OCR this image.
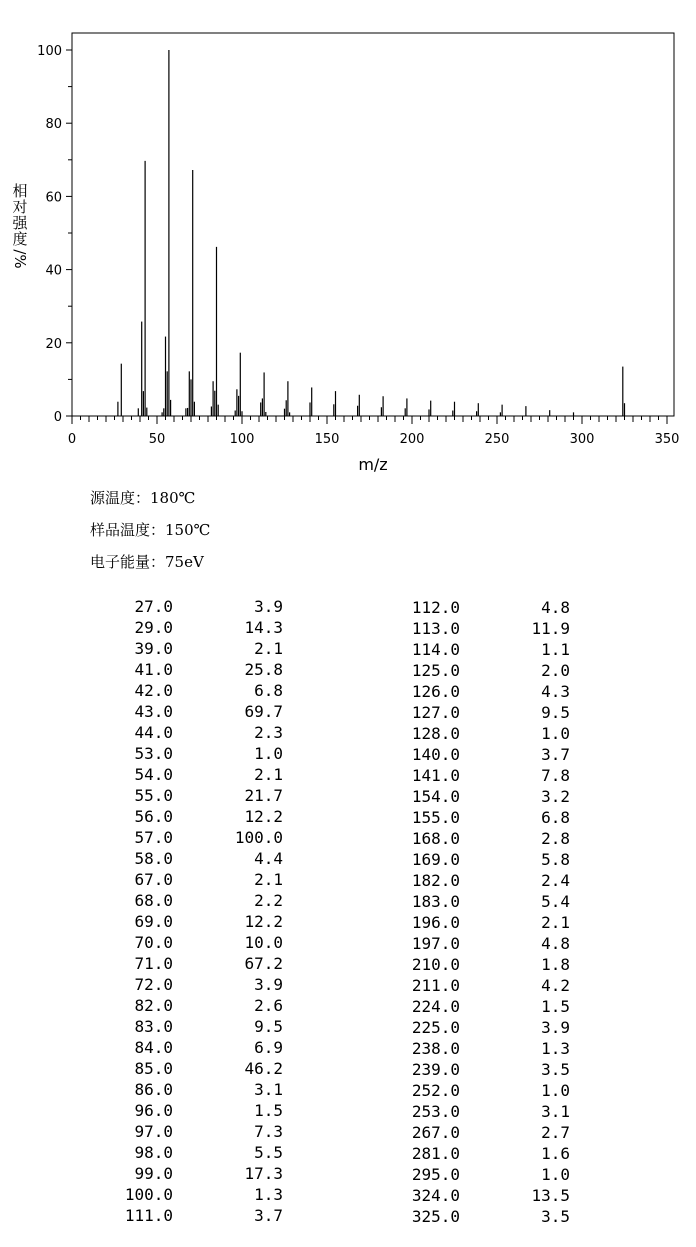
0
20
40
60
80
100
0	50	100	150	200	250	300	350
m/z
相
对
强
度
/%
源温度：180℃
样品温度：150℃
电子能量：75eV
27.0	3.9
29.0	14.3
39.0	2.1
41.0	25.8
42.0	6.8
43.0	69.7
44.0	2.3
53.0	1.0
54.0	2.1
55.0	21.7
56.0	12.2
57.0	100.0
58.0	4.4
67.0	2.1
68.0	2.2
69.0	12.2
70.0	10.0
71.0	67.2
72.0	3.9
82.0	2.6
83.0	9.5
84.0	6.9
85.0	46.2
86.0	3.1
96.0	1.5
97.0	7.3
98.0	5.5
99.0	17.3
100.0	1.3
111.0	3.7
112.0	4.8
113.0	11.9
114.0	1.1
125.0	2.0
126.0	4.3
127.0	9.5
128.0	1.0
140.0	3.7
141.0	7.8
154.0	3.2
155.0	6.8
168.0	2.8
169.0	5.8
182.0	2.4
183.0	5.4
196.0	2.1
197.0	4.8
210.0	1.8
211.0	4.2
224.0	1.5
225.0	3.9
238.0	1.3
239.0	3.5
252.0	1.0
253.0	3.1
267.0	2.7
281.0	1.6
295.0	1.0
324.0	13.5
325.0	3.5
